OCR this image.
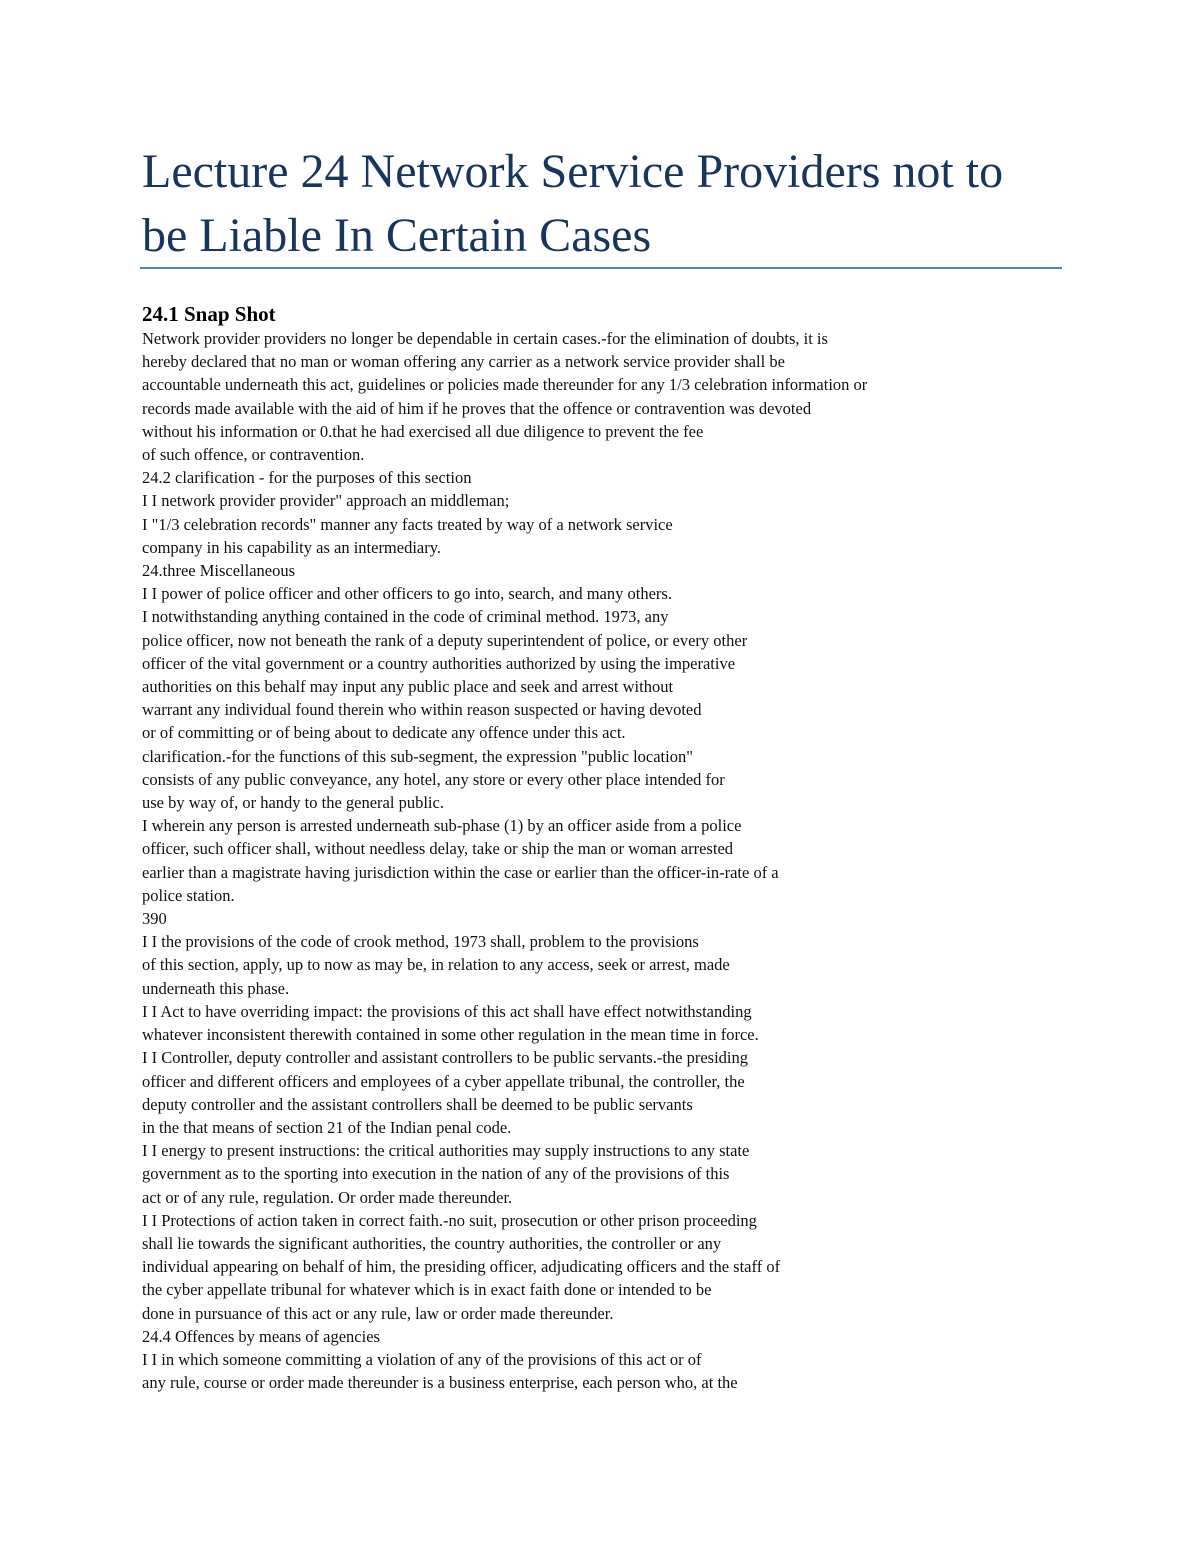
Lecture 24 Network Service Providers not to be Liable In Certain Cases
24.1 Snap Shot
Network provider providers no longer be dependable in certain cases.-for the elimination of doubts, it is
hereby declared that no man or woman offering any carrier as a network service provider shall be
accountable underneath this act, guidelines or policies made thereunder for any 1/3 celebration information or
records made available with the aid of him if he proves that the offence or contravention was devoted
without his information or 0.that he had exercised all due diligence to prevent the fee
of such offence, or contravention.
24.2 clarification - for the purposes of this section
I I network provider provider" approach an middleman;
I "1/3 celebration records" manner any facts treated by way of a network service
company in his capability as an intermediary.
24.three Miscellaneous
I I power of police officer and other officers to go into, search, and many others.
I notwithstanding anything contained in the code of criminal method. 1973, any
police officer, now not beneath the rank of a deputy superintendent of police, or every other
officer of the vital government or a country authorities authorized by using the imperative
authorities on this behalf may input any public place and seek and arrest without
warrant any individual found therein who within reason suspected or having devoted
or of committing or of being about to dedicate any offence under this act.
clarification.-for the functions of this sub-segment, the expression "public location"
consists of any public conveyance, any hotel, any store or every other place intended for
use by way of, or handy to the general public.
I wherein any person is arrested underneath sub-phase (1) by an officer aside from a police
officer, such officer shall, without needless delay, take or ship the man or woman arrested
earlier than a magistrate having jurisdiction within the case or earlier than the officer-in-rate of a
police station.
390
I I the provisions of the code of crook method, 1973 shall, problem to the provisions
of this section, apply, up to now as may be, in relation to any access, seek or arrest, made
underneath this phase.
I I Act to have overriding impact: the provisions of this act shall have effect notwithstanding
whatever inconsistent therewith contained in some other regulation in the mean time in force.
I I Controller, deputy controller and assistant controllers to be public servants.-the presiding
officer and different officers and employees of a cyber appellate tribunal, the controller, the
deputy controller and the assistant controllers shall be deemed to be public servants
in the that means of section 21 of the Indian penal code.
I I energy to present instructions: the critical authorities may supply instructions to any state
government as to the sporting into execution in the nation of any of the provisions of this
act or of any rule, regulation. Or order made thereunder.
I I Protections of action taken in correct faith.-no suit, prosecution or other prison proceeding
shall lie towards the significant authorities, the country authorities, the controller or any
individual appearing on behalf of him, the presiding officer, adjudicating officers and the staff of
the cyber appellate tribunal for whatever which is in exact faith done or intended to be
done in pursuance of this act or any rule, law or order made thereunder.
24.4 Offences by means of agencies
I I in which someone committing a violation of any of the provisions of this act or of
any rule, course or order made thereunder is a business enterprise, each person who, at the
